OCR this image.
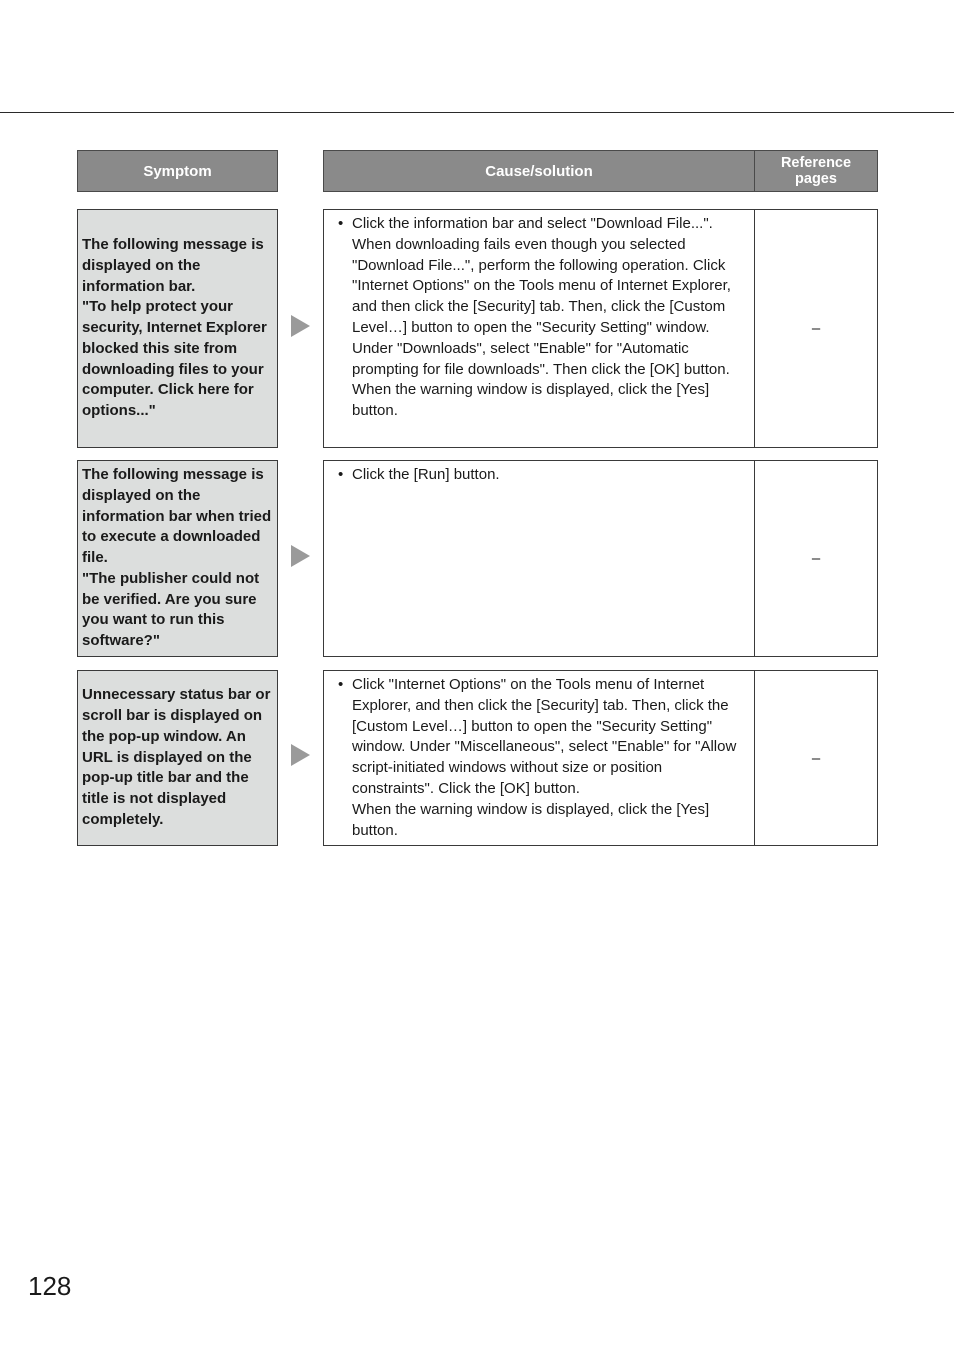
Symptom	Cause/solution	Reference
pages
The following message is displayed on the information bar.
"To help protect your security, Internet Explorer blocked this site from downloading files to your computer. Click here for options..."
• Click the information bar and select "Download File...". When downloading fails even though you selected "Download File...", perform the following operation. Click "Internet Options" on the Tools menu of Internet Explorer, and then click the [Security] tab. Then, click the [Custom Level…] button to open the "Security Setting" window. Under "Downloads", select "Enable" for "Automatic prompting for file downloads". Then click the [OK] button.
When the warning window is displayed, click the [Yes] button.
–
The following message is displayed on the information bar when tried to execute a downloaded file.
"The publisher could not be verified. Are you sure you want to run this software?"
• Click the [Run] button.
–
Unnecessary status bar or scroll bar is displayed on the pop-up window. An URL is displayed on the pop-up title bar and the title is not displayed completely.
• Click "Internet Options" on the Tools menu of Internet Explorer, and then click the [Security] tab. Then, click the [Custom Level…] button to open the "Security Setting" window. Under "Miscellaneous", select "Enable" for "Allow script-initiated windows without size or position constraints". Click the [OK] button.
When the warning window is displayed, click the [Yes] button.
–
128
